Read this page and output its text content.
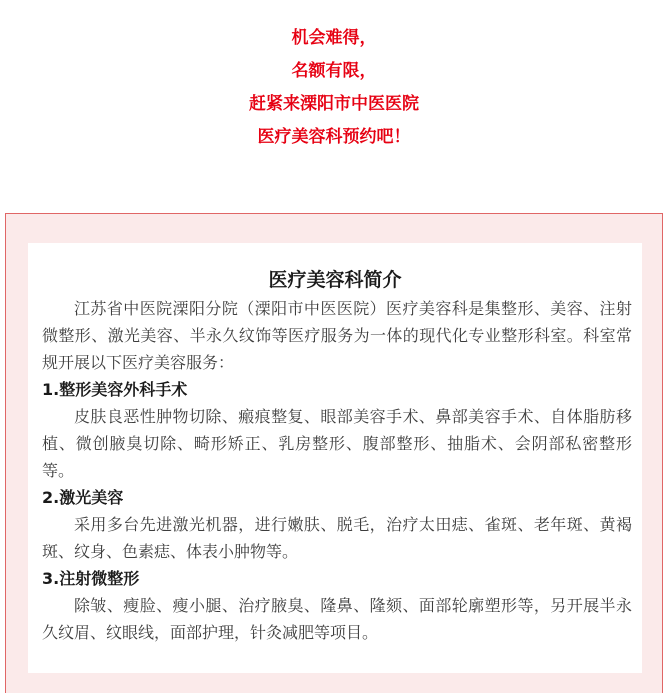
机会难得，
名额有限，
赶紧来溧阳市中医医院
医疗美容科预约吧！
医疗美容科简介

江苏省中医院溧阳分院（溧阳市中医医院）医疗美容科是集整形、美容、注射微整形、激光美容、半永久纹饰等医疗服务为一体的现代化专业整形科室。科室常规开展以下医疗美容服务：

1.整形美容外科手术

皮肤良恶性肿物切除、瘢痕整复、眼部美容手术、鼻部美容手术、自体脂肪移植、微创腋臭切除、畸形矫正、乳房整形、腹部整形、抽脂术、会阴部私密整形等。

2.激光美容

采用多台先进激光机器，进行嫩肤、脱毛，治疗太田痣、雀斑、老年斑、黄褐斑、纹身、色素痣、体表小肿物等。

3.注射微整形

除皱、瘦脸、瘦小腿、治疗腋臭、隆鼻、隆颏、面部轮廓塑形等，另开展半永久纹眉、纹眼线，面部护理，针灸减肥等项目。
